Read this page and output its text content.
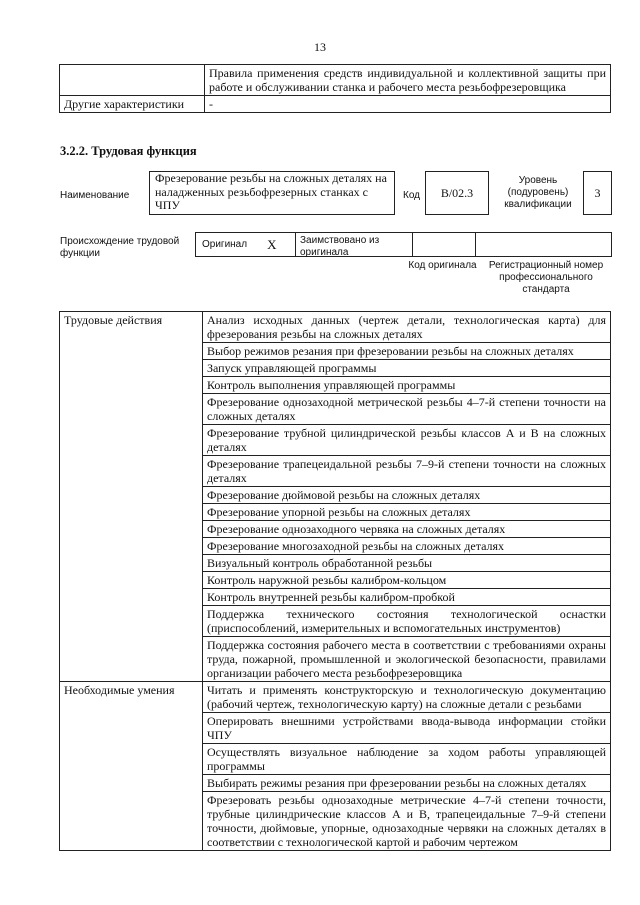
13
	Правила применения средств индивидуальной и коллективной защиты при работе и обслуживании станка и рабочего места резьбофрезеровщика
Другие характеристики	-
3.2.2. Трудовая функция
Наименование
Фрезерование резьбы на сложных деталях на наладженных резьбофрезерных станках с ЧПУ
Код	В/02.3
Уровень (подуровень) квалификации
3
Происхождение трудовой функции
Оригинал X	Заимствовано из оригинала
Код оригинала	Регистрационный номер профессионального стандарта
Трудовые действия	Анализ исходных данных (чертеж детали, технологическая карта) для фрезерования резьбы на сложных деталях
	Выбор режимов резания при фрезеровании резьбы на сложных деталях
	Запуск управляющей программы
	Контроль выполнения управляющей программы
	Фрезерование однозаходной метрической резьбы 4–7-й степени точности на сложных деталях
	Фрезерование трубной цилиндрической резьбы классов А и В на сложных деталях
	Фрезерование трапецеидальной резьбы 7–9-й степени точности на сложных деталях
	Фрезерование дюймовой резьбы на сложных деталях
	Фрезерование упорной резьбы на сложных деталях
	Фрезерование однозаходного червяка на сложных деталях
	Фрезерование многозаходной резьбы на сложных деталях
	Визуальный контроль обработанной резьбы
	Контроль наружной резьбы калибром-кольцом
	Контроль внутренней резьбы калибром-пробкой
	Поддержка технического состояния технологической оснастки (приспособлений, измерительных и вспомогательных инструментов)
	Поддержка состояния рабочего места в соответствии с требованиями охраны труда, пожарной, промышленной и экологической безопасности, правилами организации рабочего места резьбофрезеровщика
Необходимые умения	Читать и применять конструкторскую и технологическую документацию (рабочий чертеж, технологическую карту) на сложные детали с резьбами
	Оперировать внешними устройствами ввода-вывода информации стойки ЧПУ
	Осуществлять визуальное наблюдение за ходом работы управляющей программы
	Выбирать режимы резания при фрезеровании резьбы на сложных деталях
	Фрезеровать резьбы однозаходные метрические 4–7-й степени точности, трубные цилиндрические классов А и В, трапецеидальные 7–9-й степени точности, дюймовые, упорные, однозаходные червяки на сложных деталях в соответствии с технологической картой и рабочим чертежом
